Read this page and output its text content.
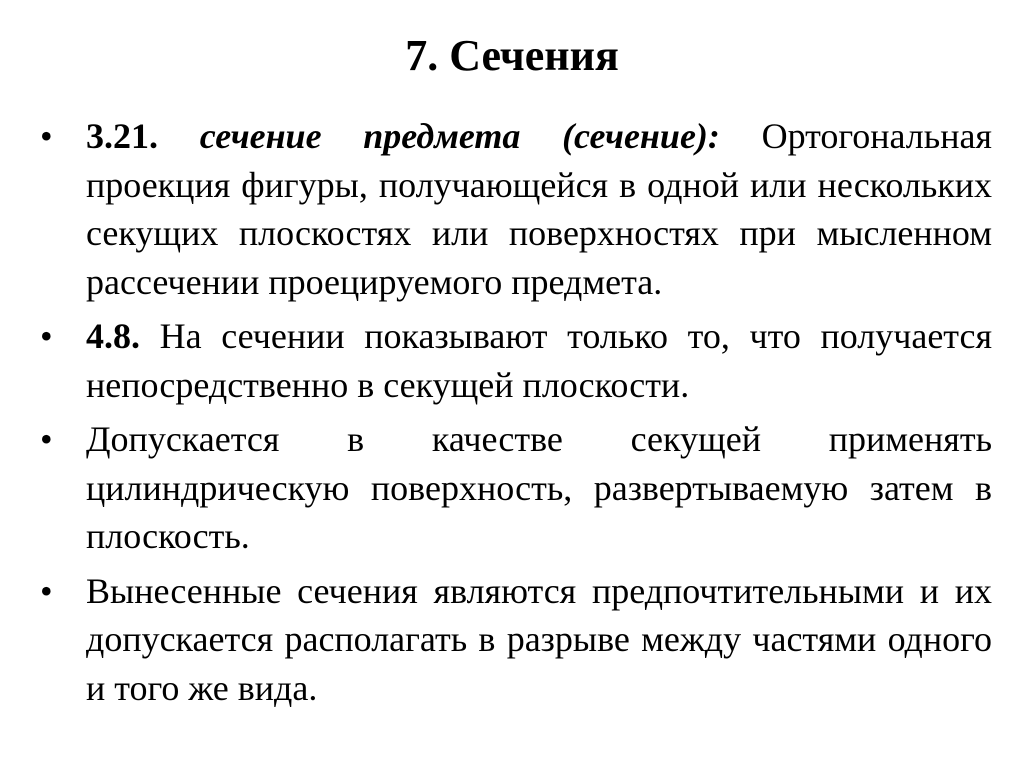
7. Сечения
• 3.21. сечение предмета (сечение): Ортогональная проекция фигуры, получающейся в одной или нескольких секущих плоскостях или поверхностях при мысленном рассечении проецируемого предмета.
• 4.8. На сечении показывают только то, что получается непосредственно в секущей плоскости.
• Допускается в качестве секущей применять цилиндрическую поверхность, развертываемую затем в плоскость.
• Вынесенные сечения являются предпочтительными и их допускается располагать в разрыве между частями одного и того же вида.
